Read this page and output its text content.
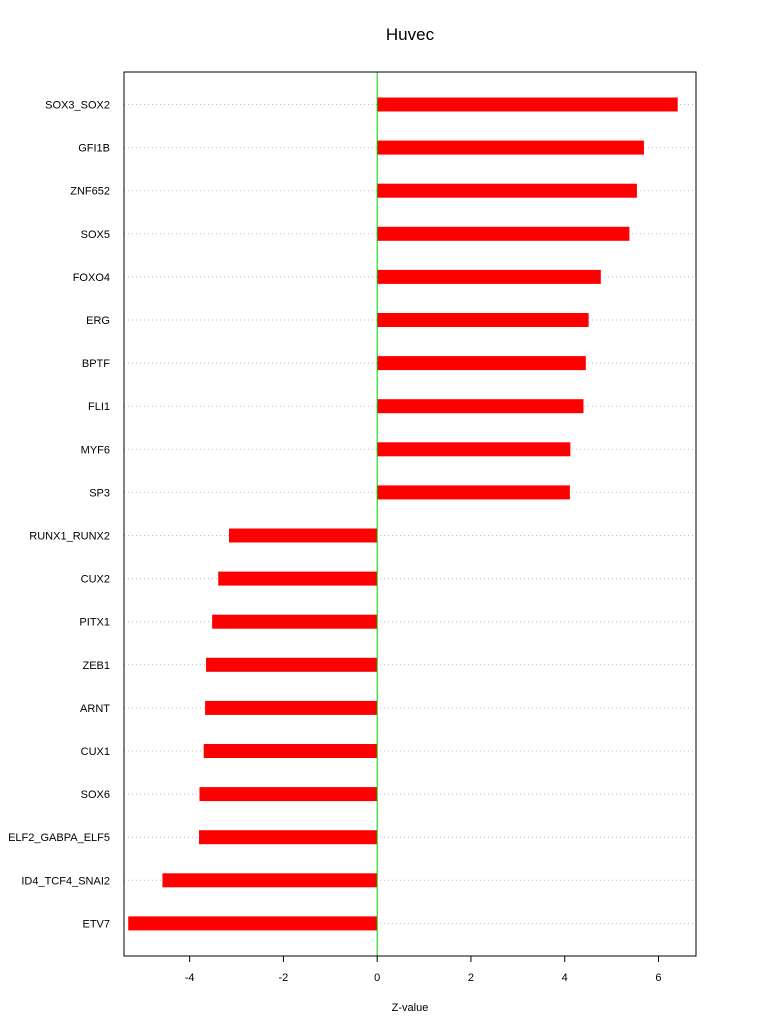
Huvec
SOX3_SOX2
GFI1B
ZNF652
SOX5
FOXO4
ERG
BPTF
FLI1
MYF6
SP3
RUNX1_RUNX2
CUX2
PITX1
ZEB1
ARNT
CUX1
SOX6
ELF2_GABPA_ELF5
ID4_TCF4_SNAI2
ETV7
-4	-2	0	2	4	6
Z-value
